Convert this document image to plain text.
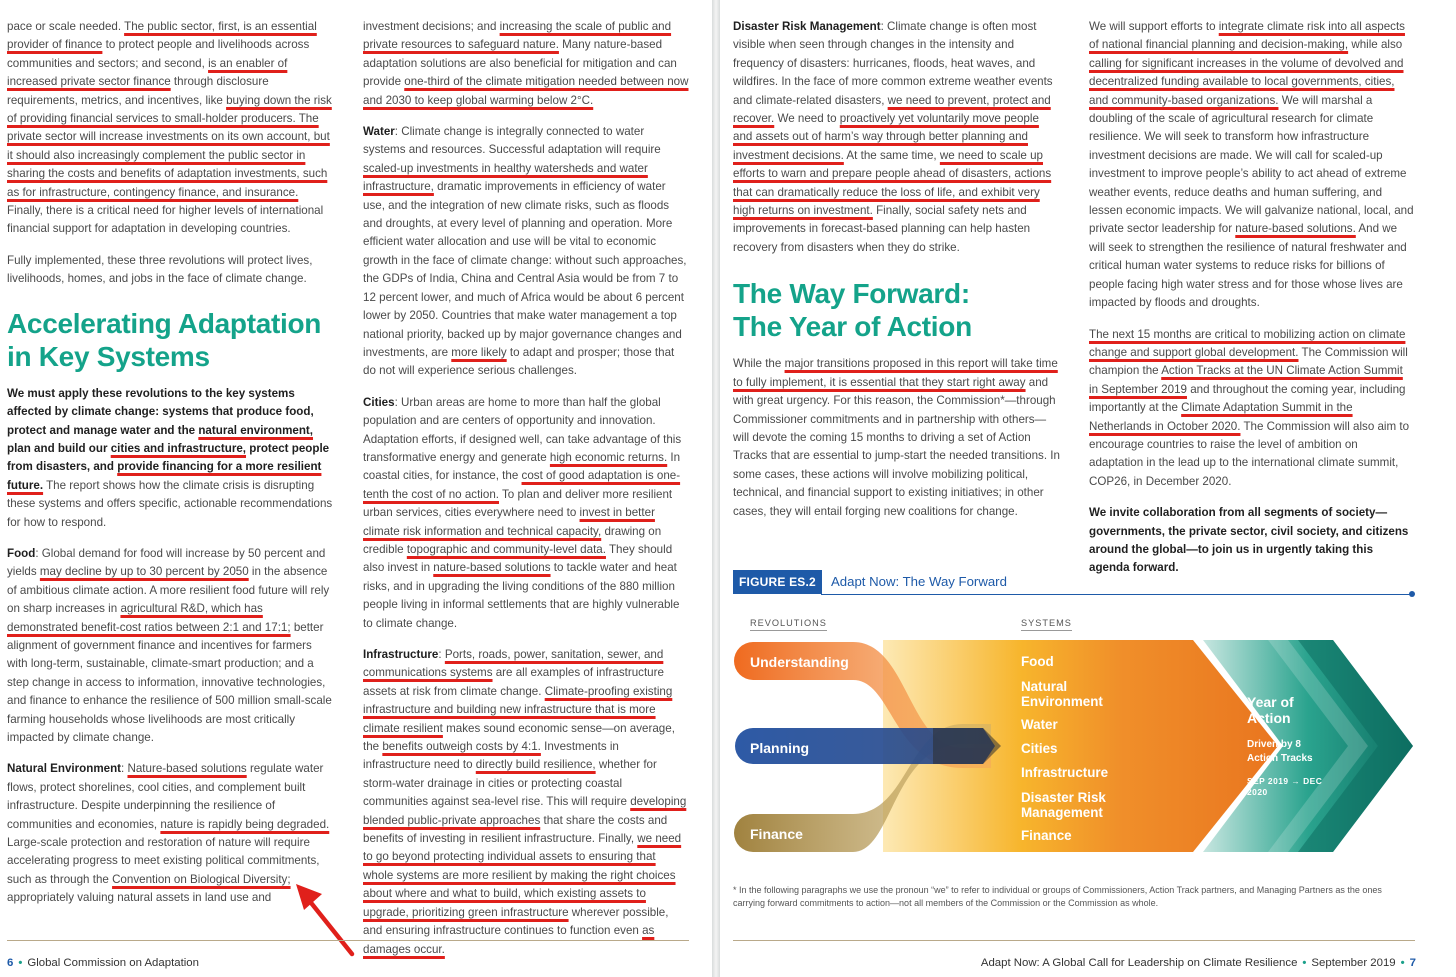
pace or scale needed. The public sector, first, is an essential provider of finance to protect people and livelihoods across communities and sectors; and second, is an enabler of increased private sector finance through disclosure requirements, metrics, and incentives, like buying down the risk of providing financial services to small-holder producers. The private sector will increase investments on its own account, but it should also increasingly complement the public sector in sharing the costs and benefits of adaptation investments, such as for infrastructure, contingency finance, and insurance. Finally, there is a critical need for higher levels of international financial support for adaptation in developing countries.

Fully implemented, these three revolutions will protect lives, livelihoods, homes, and jobs in the face of climate change.

Accelerating Adaptation in Key Systems

We must apply these revolutions to the key systems affected by climate change: systems that produce food, protect and manage water and the natural environment, plan and build our cities and infrastructure, protect people from disasters, and provide financing for a more resilient future. The report shows how the climate crisis is disrupting these systems and offers specific, actionable recommendations for how to respond.

Food: Global demand for food will increase by 50 percent and yields may decline by up to 30 percent by 2050 in the absence of ambitious climate action. A more resilient food future will rely on sharp increases in agricultural R&D, which has demonstrated benefit-cost ratios between 2:1 and 17:1; better alignment of government finance and incentives for farmers with long-term, sustainable, climate-smart production; and a step change in access to information, innovative technologies, and finance to enhance the resilience of 500 million small-scale farming households whose livelihoods are most critically impacted by climate change.

Natural Environment: Nature-based solutions regulate water flows, protect shorelines, cool cities, and complement built infrastructure. Despite underpinning the resilience of communities and economies, nature is rapidly being degraded. Large-scale protection and restoration of nature will require accelerating progress to meet existing political commitments, such as through the Convention on Biological Diversity; appropriately valuing natural assets in land use and

investment decisions; and increasing the scale of public and private resources to safeguard nature. Many nature-based adaptation solutions are also beneficial for mitigation and can provide one-third of the climate mitigation needed between now and 2030 to keep global warming below 2°C.

Water: Climate change is integrally connected to water systems and resources. Successful adaptation will require scaled-up investments in healthy watersheds and water infrastructure, dramatic improvements in efficiency of water use, and the integration of new climate risks, such as floods and droughts, at every level of planning and operation. More efficient water allocation and use will be vital to economic growth in the face of climate change: without such approaches, the GDPs of India, China and Central Asia would be from 7 to 12 percent lower, and much of Africa would be about 6 percent lower by 2050. Countries that make water management a top national priority, backed up by major governance changes and investments, are more likely to adapt and prosper; those that do not will experience serious challenges.

Cities: Urban areas are home to more than half the global population and are centers of opportunity and innovation. Adaptation efforts, if designed well, can take advantage of this transformative energy and generate high economic returns. In coastal cities, for instance, the cost of good adaptation is one-tenth the cost of no action. To plan and deliver more resilient urban services, cities everywhere need to invest in better climate risk information and technical capacity, drawing on credible topographic and community-level data. They should also invest in nature-based solutions to tackle water and heat risks, and in upgrading the living conditions of the 880 million people living in informal settlements that are highly vulnerable to climate change.

Infrastructure: Ports, roads, power, sanitation, sewer, and communications systems are all examples of infrastructure assets at risk from climate change. Climate-proofing existing infrastructure and building new infrastructure that is more climate resilient makes sound economic sense—on average, the benefits outweigh costs by 4:1. Investments in infrastructure need to directly build resilience, whether for storm-water drainage in cities or protecting coastal communities against sea-level rise. This will require developing blended public-private approaches that share the costs and benefits of investing in resilient infrastructure. Finally, we need to go beyond protecting individual assets to ensuring that whole systems are more resilient by making the right choices about where and what to build, which existing assets to upgrade, prioritizing green infrastructure wherever possible, and ensuring infrastructure continues to function even as damages occur.

6 • Global Commission on Adaptation

Disaster Risk Management: Climate change is often most visible when seen through changes in the intensity and frequency of disasters: hurricanes, floods, heat waves, and wildfires. In the face of more common extreme weather events and climate-related disasters, we need to prevent, protect and recover. We need to proactively yet voluntarily move people and assets out of harm’s way through better planning and investment decisions. At the same time, we need to scale up efforts to warn and prepare people ahead of disasters, actions that can dramatically reduce the loss of life, and exhibit very high returns on investment. Finally, social safety nets and improvements in forecast-based planning can help hasten recovery from disasters when they do strike.

The Way Forward:
The Year of Action

While the major transitions proposed in this report will take time to fully implement, it is essential that they start right away and with great urgency. For this reason, the Commission*—through Commissioner commitments and in partnership with others—will devote the coming 15 months to driving a set of Action Tracks that are essential to jump-start the needed transitions. In some cases, these actions will involve mobilizing political, technical, and financial support to existing initiatives; in other cases, they will entail forging new coalitions for change.

We will support efforts to integrate climate risk into all aspects of national financial planning and decision-making, while also calling for significant increases in the volume of devolved and decentralized funding available to local governments, cities, and community-based organizations. We will marshal a doubling of the scale of agricultural research for climate resilience. We will seek to transform how infrastructure investment decisions are made. We will call for scaled-up investment to improve people’s ability to act ahead of extreme weather events, reduce deaths and human suffering, and lessen economic impacts. We will galvanize national, local, and private sector leadership for nature-based solutions. And we will seek to strengthen the resilience of natural freshwater and critical human water systems to reduce risks for billions of people facing high water stress and for those whose lives are impacted by floods and droughts.

The next 15 months are critical to mobilizing action on climate change and support global development. The Commission will champion the Action Tracks at the UN Climate Action Summit in September 2019 and throughout the coming year, including importantly at the Climate Adaptation Summit in the Netherlands in October 2020. The Commission will also aim to encourage countries to raise the level of ambition on adaptation in the lead up to the international climate summit, COP26, in December 2020.

We invite collaboration from all segments of society—governments, the private sector, civil society, and citizens around the global—to join us in urgently taking this agenda forward.

FIGURE ES.2	Adapt Now: The Way Forward
REVOLUTIONS	SYSTEMS
Understanding
Planning
Finance
Food
Natural Environment
Water
Cities
Infrastructure
Disaster Risk Management
Finance
Year of Action
Driven by 8 Action Tracks
SEP 2019 → DEC 2020
* In the following paragraphs we use the pronoun “we” to refer to individual or groups of Commissioners, Action Track partners, and Managing Partners as the ones carrying forward commitments to action—not all members of the Commission or the Commission as whole.
Adapt Now: A Global Call for Leadership on Climate Resilience • September 2019 • 7
